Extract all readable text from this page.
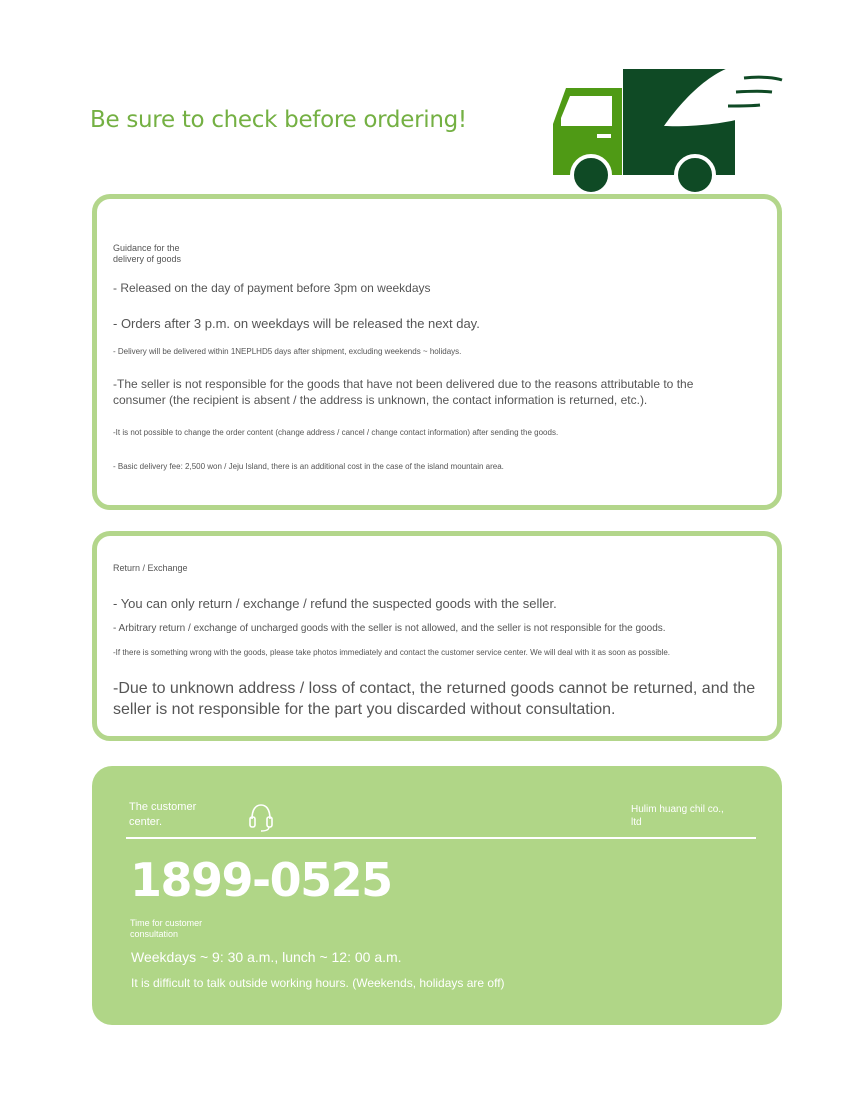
Be sure to check before ordering!
Guidance for the delivery of goods

- Released on the day of payment before 3pm on weekdays

- Orders after 3 p.m. on weekdays will be released the next day.

- Delivery will be delivered within 1NEPLHD5 days after shipment, excluding weekends ~ holidays.

-The seller is not responsible for the goods that have not been delivered due to the reasons attributable to the consumer (the recipient is absent / the address is unknown, the contact information is returned, etc.).

-It is not possible to change the order content (change address / cancel / change contact information) after sending the goods.

- Basic delivery fee: 2,500 won / Jeju Island, there is an additional cost in the case of the island mountain area.

Return / Exchange

- You can only return / exchange / refund the suspected goods with the seller.

- Arbitrary return / exchange of uncharged goods with the seller is not allowed, and the seller is not responsible for the goods.

-If there is something wrong with the goods, please take photos immediately and contact the customer service center. We will deal with it as soon as possible.

-Due to unknown address / loss of contact, the returned goods cannot be returned, and the seller is not responsible for the part you discarded without consultation.

The customer center.
Hulim huang chil co., ltd
1899-0525
Time for customer consultation
Weekdays ~ 9: 30 a.m., lunch ~ 12: 00 a.m.
It is difficult to talk outside working hours. (Weekends, holidays are off)
